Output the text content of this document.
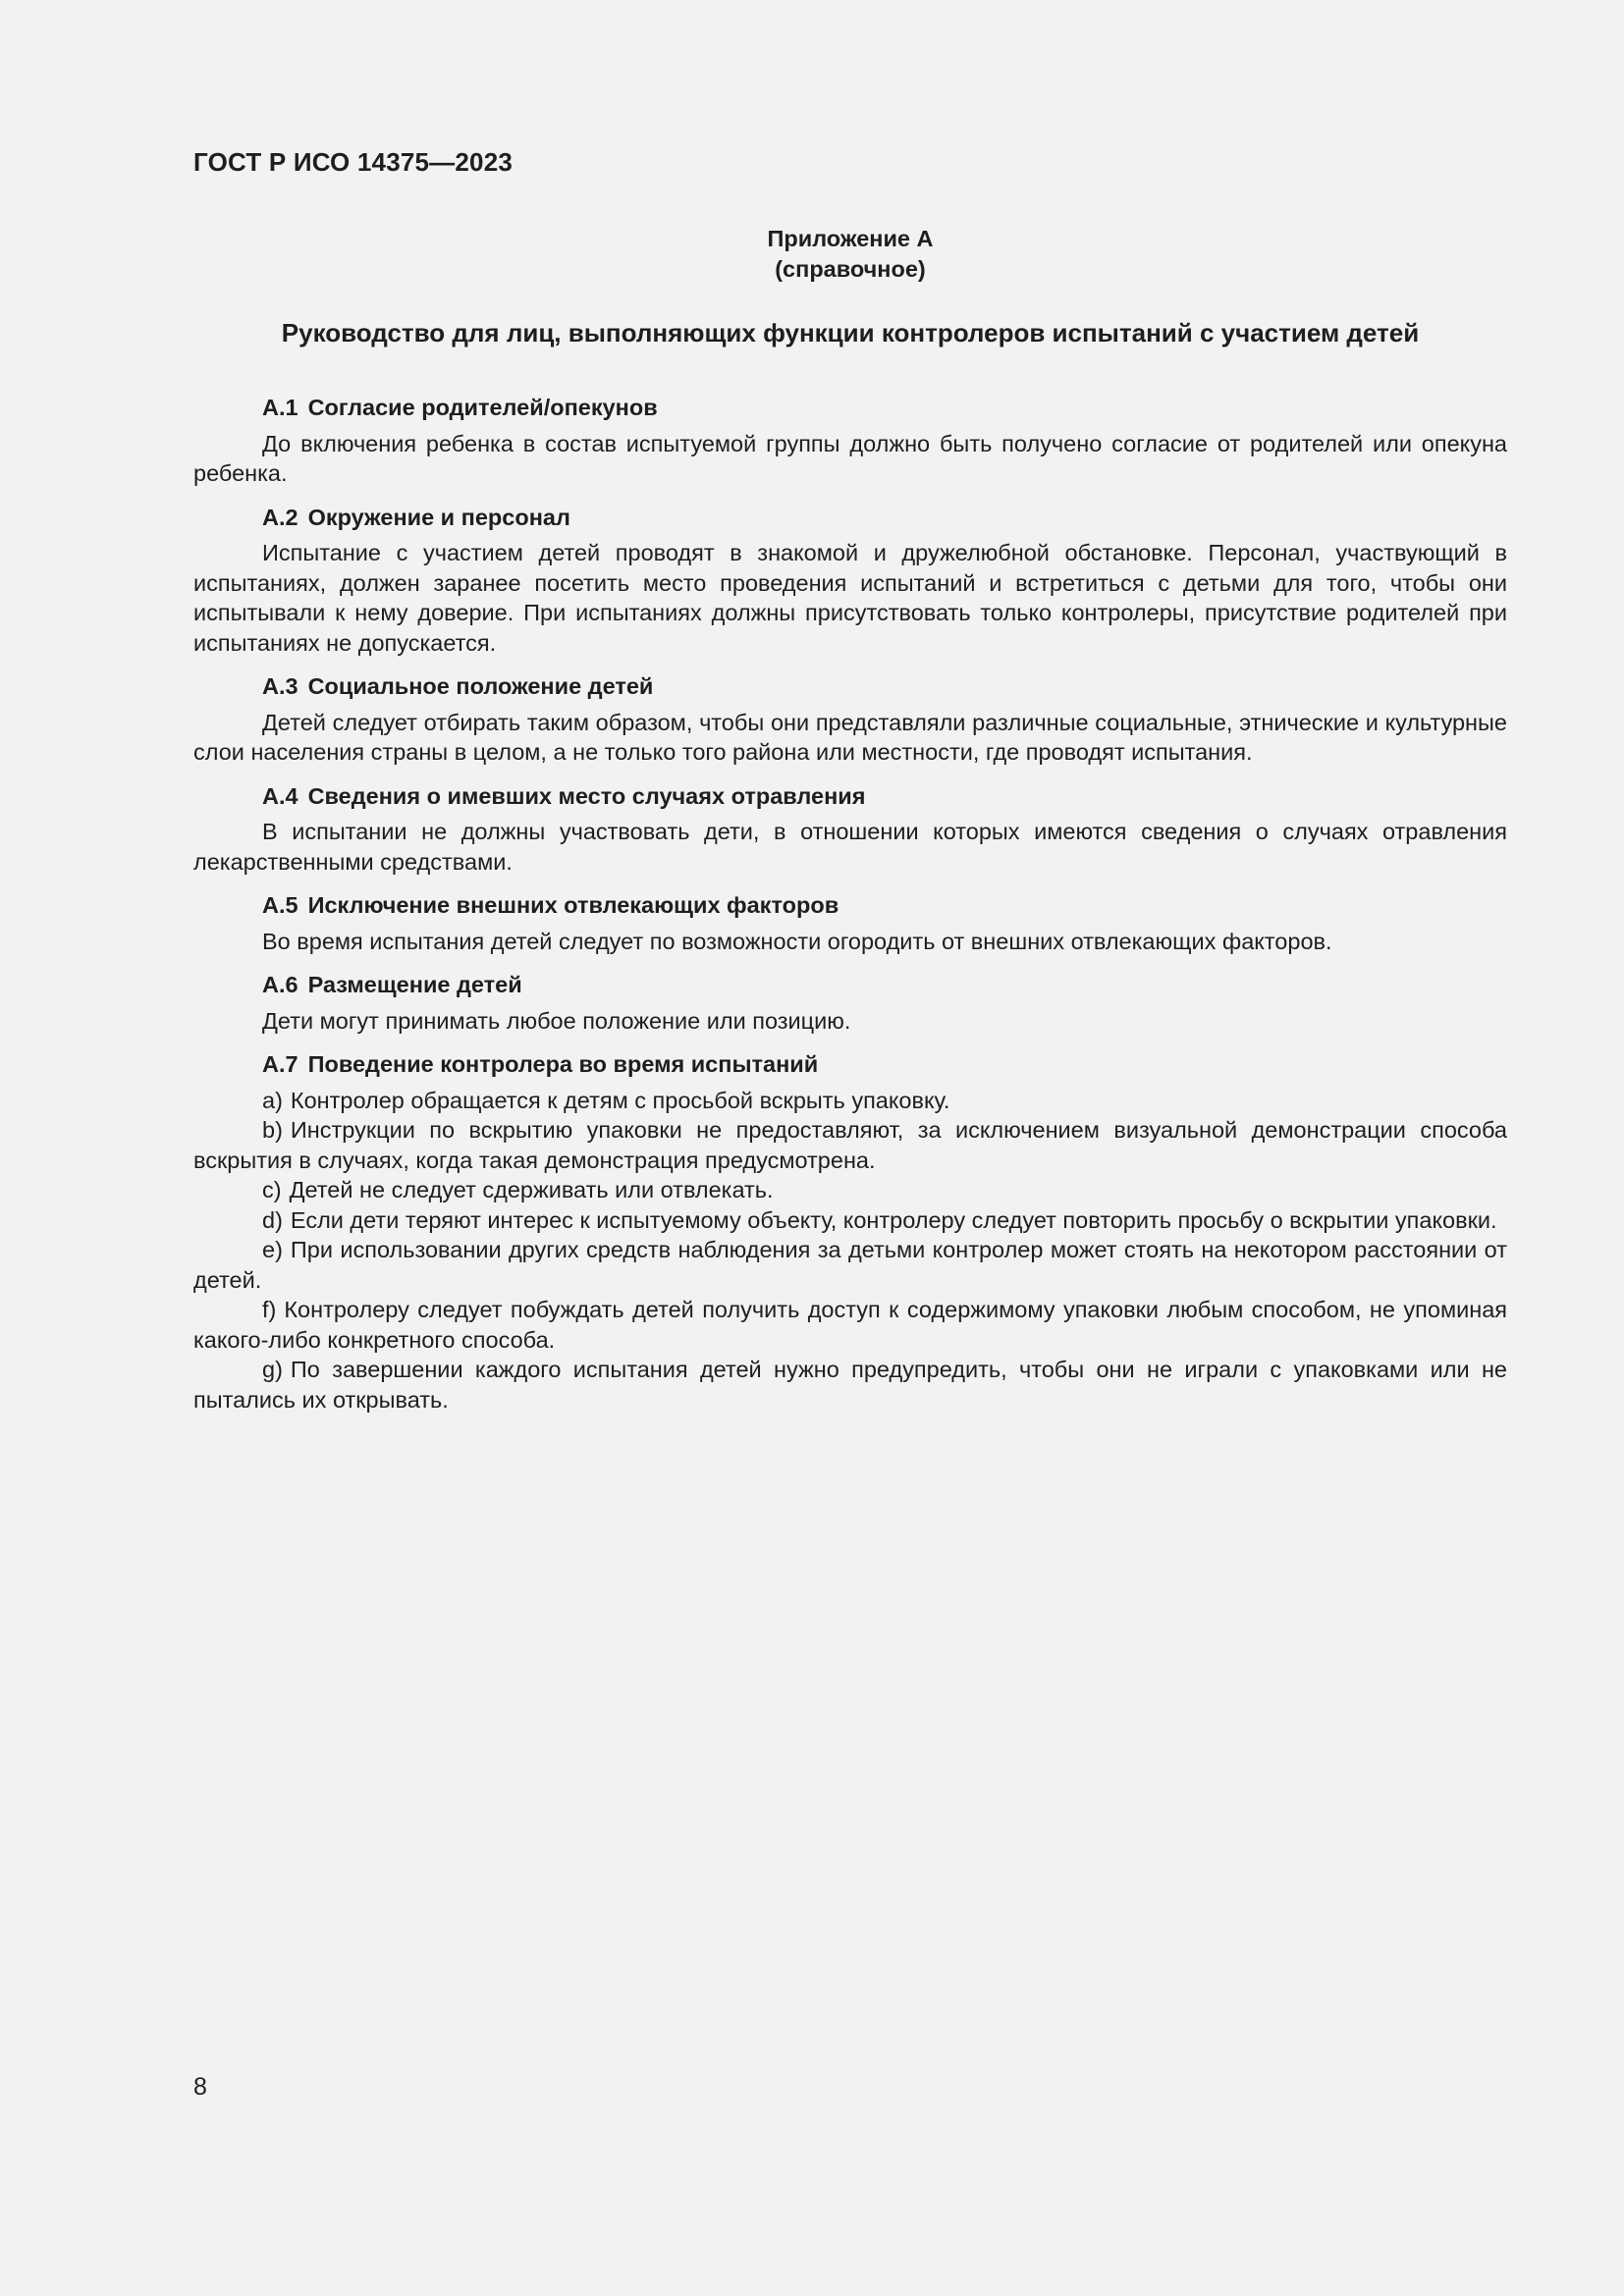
ГОСТ Р ИСО 14375—2023
Приложение А
(справочное)
Руководство для лиц, выполняющих функции контролеров испытаний с участием детей
А.1 Согласие родителей/опекунов

До включения ребенка в состав испытуемой группы должно быть получено согласие от родителей или опекуна ребенка.

А.2 Окружение и персонал

Испытание с участием детей проводят в знакомой и дружелюбной обстановке. Персонал, участвующий в испытаниях, должен заранее посетить место проведения испытаний и встретиться с детьми для того, чтобы они испытывали к нему доверие. При испытаниях должны присутствовать только контролеры, присутствие родителей при испытаниях не допускается.

А.3 Социальное положение детей

Детей следует отбирать таким образом, чтобы они представляли различные социальные, этнические и культурные слои населения страны в целом, а не только того района или местности, где проводят испытания.

А.4 Сведения о имевших место случаях отравления

В испытании не должны участвовать дети, в отношении которых имеются сведения о случаях отравления лекарственными средствами.

А.5 Исключение внешних отвлекающих факторов

Во время испытания детей следует по возможности огородить от внешних отвлекающих факторов.

А.6 Размещение детей

Дети могут принимать любое положение или позицию.

А.7 Поведение контролера во время испытаний
a) Контролер обращается к детям с просьбой вскрыть упаковку.
b) Инструкции по вскрытию упаковки не предоставляют, за исключением визуальной демонстрации способа вскрытия в случаях, когда такая демонстрация предусмотрена.
c) Детей не следует сдерживать или отвлекать.
d) Если дети теряют интерес к испытуемому объекту, контролеру следует повторить просьбу о вскрытии упаковки.
e) При использовании других средств наблюдения за детьми контролер может стоять на некотором расстоянии от детей.
f) Контролеру следует побуждать детей получить доступ к содержимому упаковки любым способом, не упоминая какого-либо конкретного способа.
g) По завершении каждого испытания детей нужно предупредить, чтобы они не играли с упаковками или не пытались их открывать.
8
